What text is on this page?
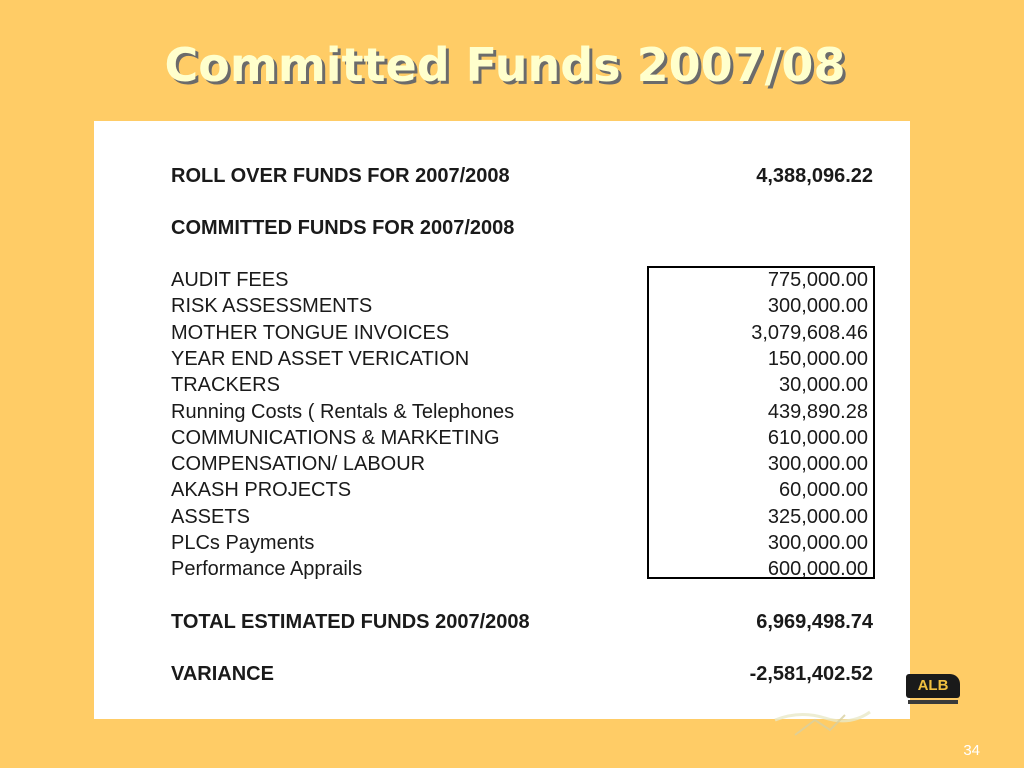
Committed Funds 2007/08
ROLL OVER FUNDS FOR 2007/2008	4,388,096.22
COMMITTED FUNDS FOR 2007/2008
AUDIT FEES	775,000.00
RISK ASSESSMENTS	300,000.00
MOTHER TONGUE INVOICES	3,079,608.46
YEAR END ASSET VERICATION	150,000.00
TRACKERS	30,000.00
Running Costs ( Rentals & Telephones	439,890.28
COMMUNICATIONS & MARKETING	610,000.00
COMPENSATION/ LABOUR	300,000.00
AKASH PROJECTS	60,000.00
ASSETS	325,000.00
PLCs Payments	300,000.00
Performance Apprails	600,000.00
TOTAL ESTIMATED FUNDS 2007/2008	6,969,498.74
VARIANCE	-2,581,402.52
ALB
34
